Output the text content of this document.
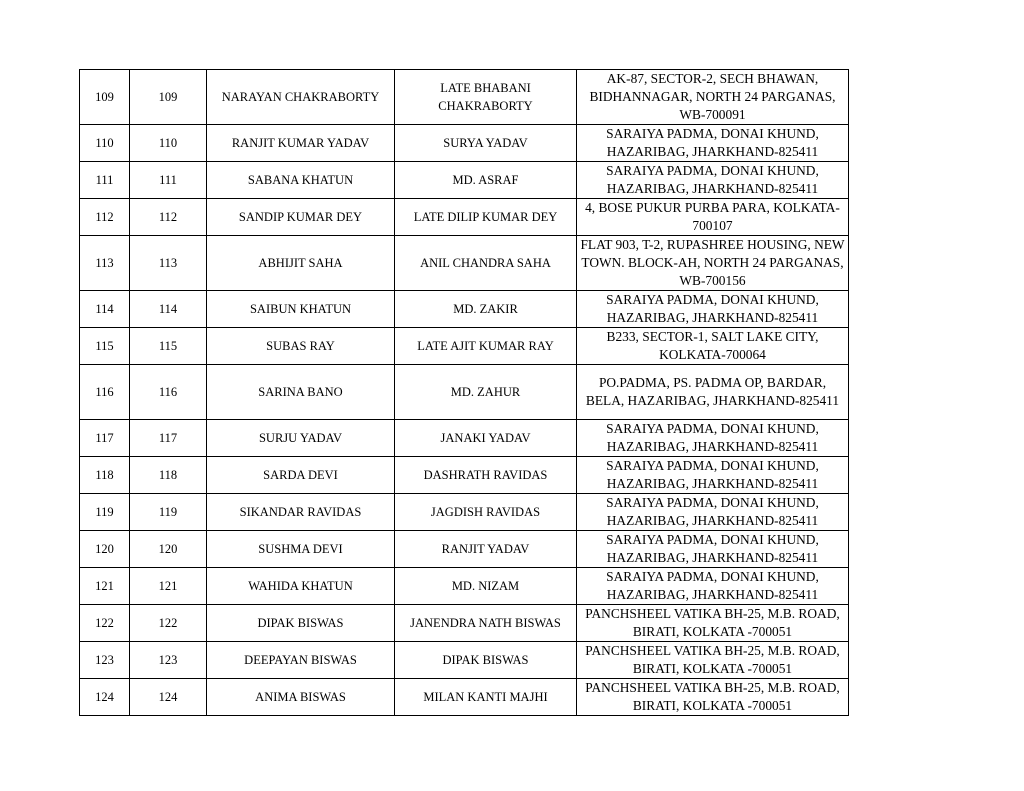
109	109	NARAYAN CHAKRABORTY	LATE BHABANI CHAKRABORTY	AK-87, SECTOR-2, SECH BHAWAN, BIDHANNAGAR, NORTH 24 PARGANAS, WB-700091
110	110	RANJIT KUMAR YADAV	SURYA YADAV	SARAIYA PADMA, DONAI KHUND, HAZARIBAG, JHARKHAND-825411
111	111	SABANA KHATUN	MD. ASRAF	SARAIYA PADMA, DONAI KHUND, HAZARIBAG, JHARKHAND-825411
112	112	SANDIP KUMAR DEY	LATE DILIP KUMAR DEY	4, BOSE PUKUR PURBA PARA, KOLKATA-700107
113	113	ABHIJIT SAHA	ANIL CHANDRA SAHA	FLAT 903, T-2, RUPASHREE HOUSING, NEW TOWN. BLOCK-AH, NORTH 24 PARGANAS, WB-700156
114	114	SAIBUN KHATUN	MD. ZAKIR	SARAIYA PADMA, DONAI KHUND, HAZARIBAG, JHARKHAND-825411
115	115	SUBAS RAY	LATE AJIT KUMAR RAY	B233, SECTOR-1, SALT LAKE CITY, KOLKATA-700064
116	116	SARINA BANO	MD. ZAHUR	PO.PADMA, PS. PADMA OP, BARDAR, BELA, HAZARIBAG, JHARKHAND-825411
117	117	SURJU YADAV	JANAKI YADAV	SARAIYA PADMA, DONAI KHUND, HAZARIBAG, JHARKHAND-825411
118	118	SARDA DEVI	DASHRATH RAVIDAS	SARAIYA PADMA, DONAI KHUND, HAZARIBAG, JHARKHAND-825411
119	119	SIKANDAR RAVIDAS	JAGDISH RAVIDAS	SARAIYA PADMA, DONAI KHUND, HAZARIBAG, JHARKHAND-825411
120	120	SUSHMA DEVI	RANJIT YADAV	SARAIYA PADMA, DONAI KHUND, HAZARIBAG, JHARKHAND-825411
121	121	WAHIDA KHATUN	MD. NIZAM	SARAIYA PADMA, DONAI KHUND, HAZARIBAG, JHARKHAND-825411
122	122	DIPAK BISWAS	JANENDRA NATH BISWAS	PANCHSHEEL VATIKA BH-25, M.B. ROAD, BIRATI, KOLKATA -700051
123	123	DEEPAYAN BISWAS	DIPAK BISWAS	PANCHSHEEL VATIKA BH-25, M.B. ROAD, BIRATI, KOLKATA -700051
124	124	ANIMA BISWAS	MILAN KANTI MAJHI	PANCHSHEEL VATIKA BH-25, M.B. ROAD, BIRATI, KOLKATA -700051
